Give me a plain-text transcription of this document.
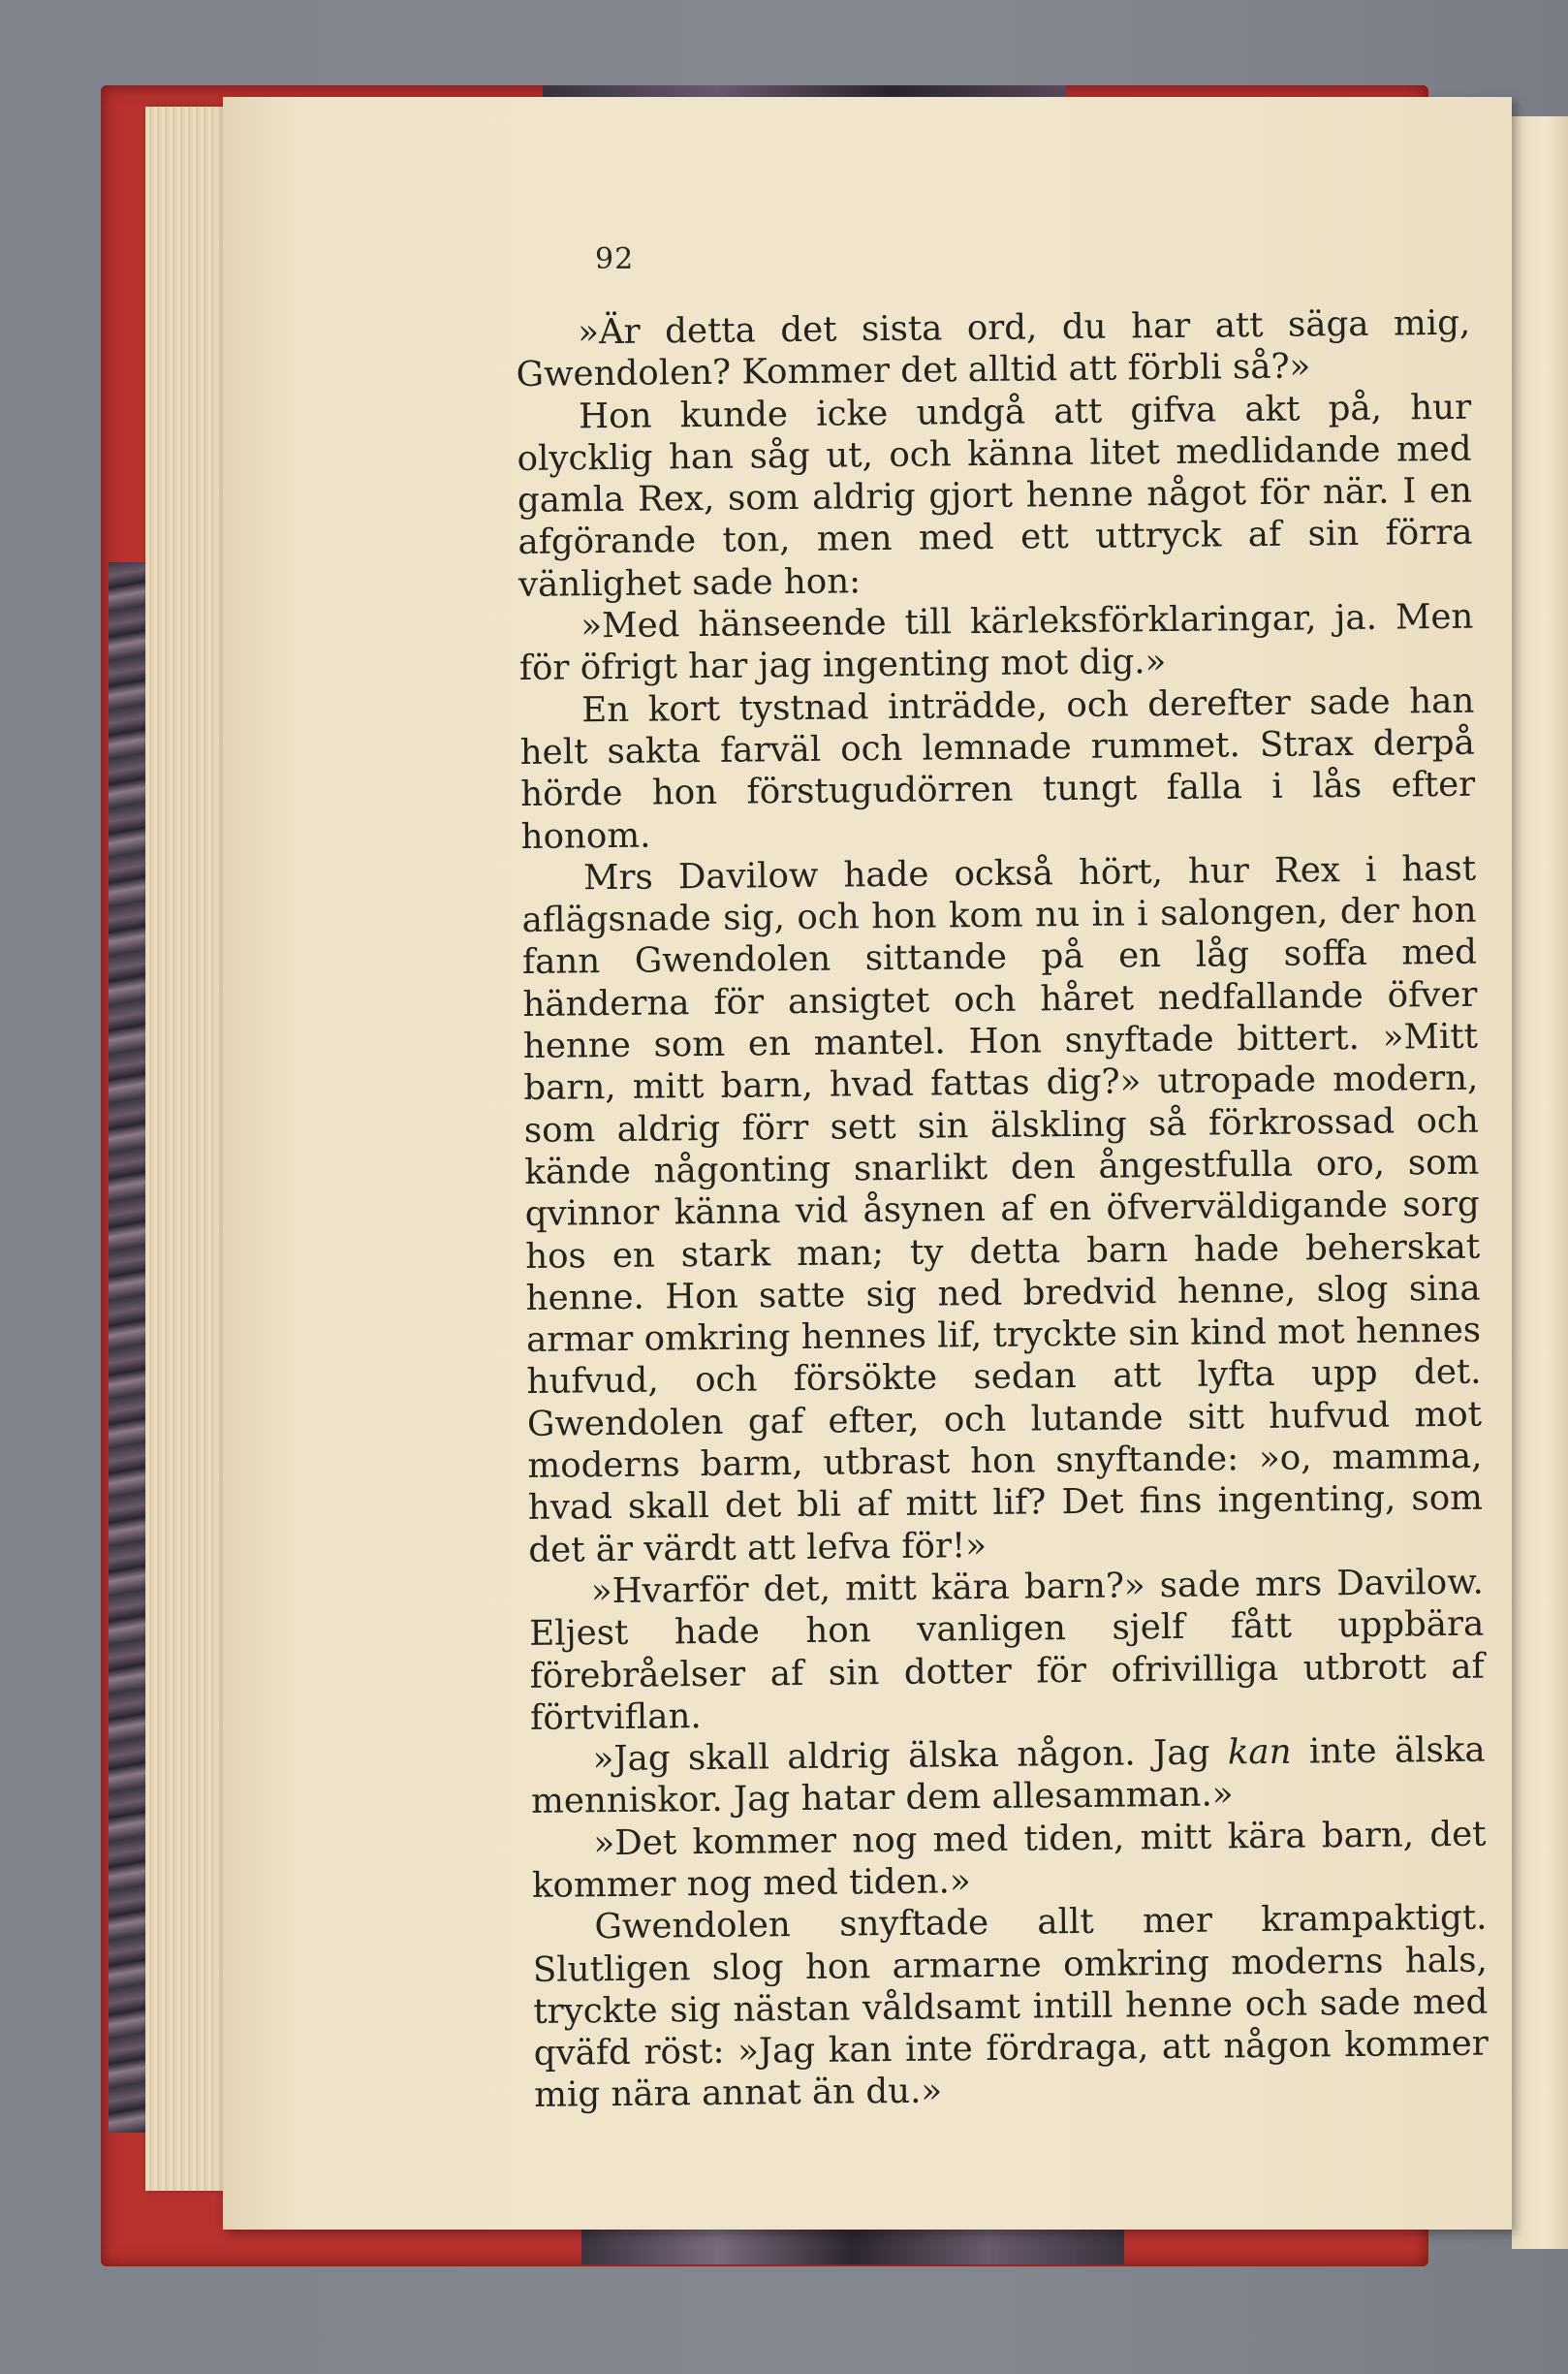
92

»Är detta det sista ord, du har att säga mig, Gwendolen? Kommer det alltid att förbli så?»

Hon kunde icke undgå att gifva akt på, hur olycklig han såg ut, och känna litet medlidande med gamla Rex, som aldrig gjort henne något för när. I en afgörande ton, men med ett uttryck af sin förra vänlighet sade hon:

»Med hänseende till kärleksförklaringar, ja. Men för öfrigt har jag ingenting mot dig.»

En kort tystnad inträdde, och derefter sade han helt sakta farväl och lemnade rummet. Strax derpå hörde hon förstugudörren tungt falla i lås efter honom.

Mrs Davilow hade också hört, hur Rex i hast aflägsnade sig, och hon kom nu in i salongen, der hon fann Gwendolen sittande på en låg soffa med händerna för ansigtet och håret nedfallande öfver henne som en mantel. Hon snyftade bittert. »Mitt barn, mitt barn, hvad fattas dig?» utropade modern, som aldrig förr sett sin älskling så förkrossad och kände någonting snarlikt den ångestfulla oro, som qvinnor känna vid åsynen af en öfverväldigande sorg hos en stark man; ty detta barn hade beherskat henne. Hon satte sig ned bredvid henne, slog sina armar omkring hennes lif, tryckte sin kind mot hennes hufvud, och försökte sedan att lyfta upp det. Gwendolen gaf efter, och lutande sitt hufvud mot moderns barm, utbrast hon snyftande: »o, mamma, hvad skall det bli af mitt lif? Det fins ingenting, som det är värdt att lefva för!»

»Hvarför det, mitt kära barn?» sade mrs Davilow. Eljest hade hon vanligen sjelf fått uppbära förebråelser af sin dotter för ofrivilliga utbrott af förtviflan.

»Jag skall aldrig älska någon. Jag kan inte älska menniskor. Jag hatar dem allesamman.»

»Det kommer nog med tiden, mitt kära barn, det kommer nog med tiden.»

Gwendolen snyftade allt mer krampaktigt. Slutligen slog hon armarne omkring moderns hals, tryckte sig nästan våldsamt intill henne och sade med qväfd röst: »Jag kan inte fördraga, att någon kommer mig nära annat än du.»
